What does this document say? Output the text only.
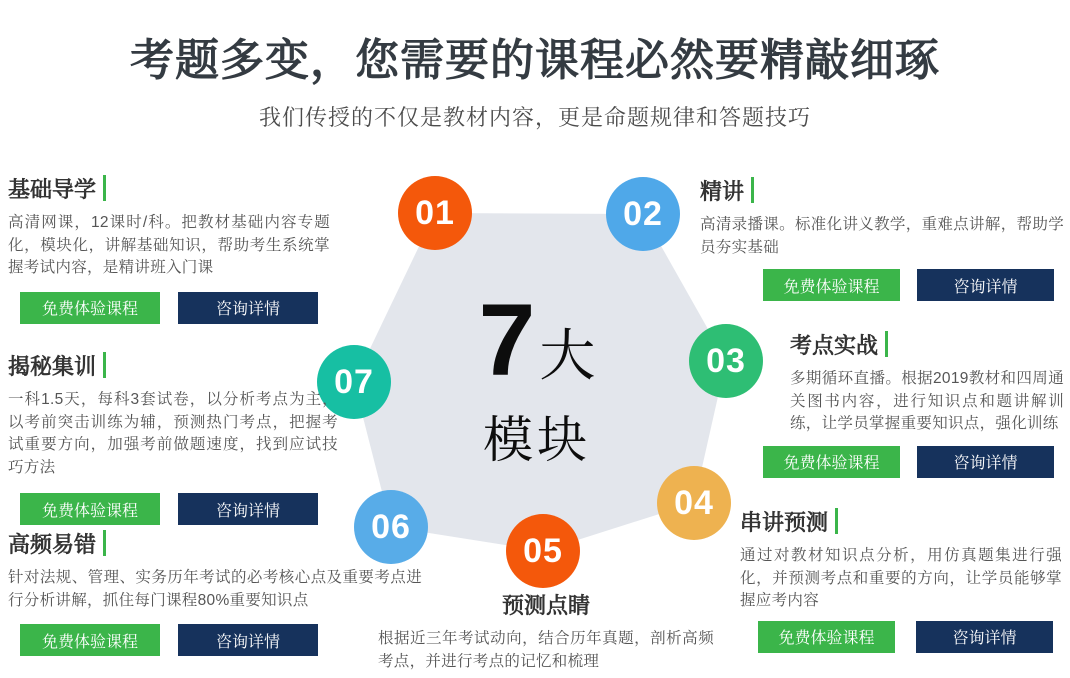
考题多变，您需要的课程必然要精敲细琢

我们传授的不仅是教材内容，更是命题规律和答题技巧

7大
模块
01	02
03
04
05
06
07
基础导学

高清网课，12课时/科。把教材基础内容专题化，模块化，讲解基础知识，帮助考生系统掌握考试内容，是精讲班入门课

免费体验课程	咨询详情
揭秘集训

一科1.5天，每科3套试卷，以分析考点为主，以考前突击训练为辅，预测热门考点，把握考试重要方向，加强考前做题速度，找到应试技巧方法

免费体验课程	咨询详情
高频易错

针对法规、管理、实务历年考试的必考核心点及重要考点进行分析讲解，抓住每门课程80%重要知识点

免费体验课程	咨询详情
精讲

高清录播课。标准化讲义教学，重难点讲解，帮助学员夯实基础

免费体验课程	咨询详情
考点实战

多期循环直播。根据2019教材和四周通关图书内容，进行知识点和题讲解训练，让学员掌握重要知识点，强化训练

免费体验课程	咨询详情
串讲预测

通过对教材知识点分析，用仿真题集进行强化，并预测考点和重要的方向，让学员能够掌握应考内容

免费体验课程	咨询详情
预测点睛

根据近三年考试动向，结合历年真题，剖析高频考点，并进行考点的记忆和梳理
